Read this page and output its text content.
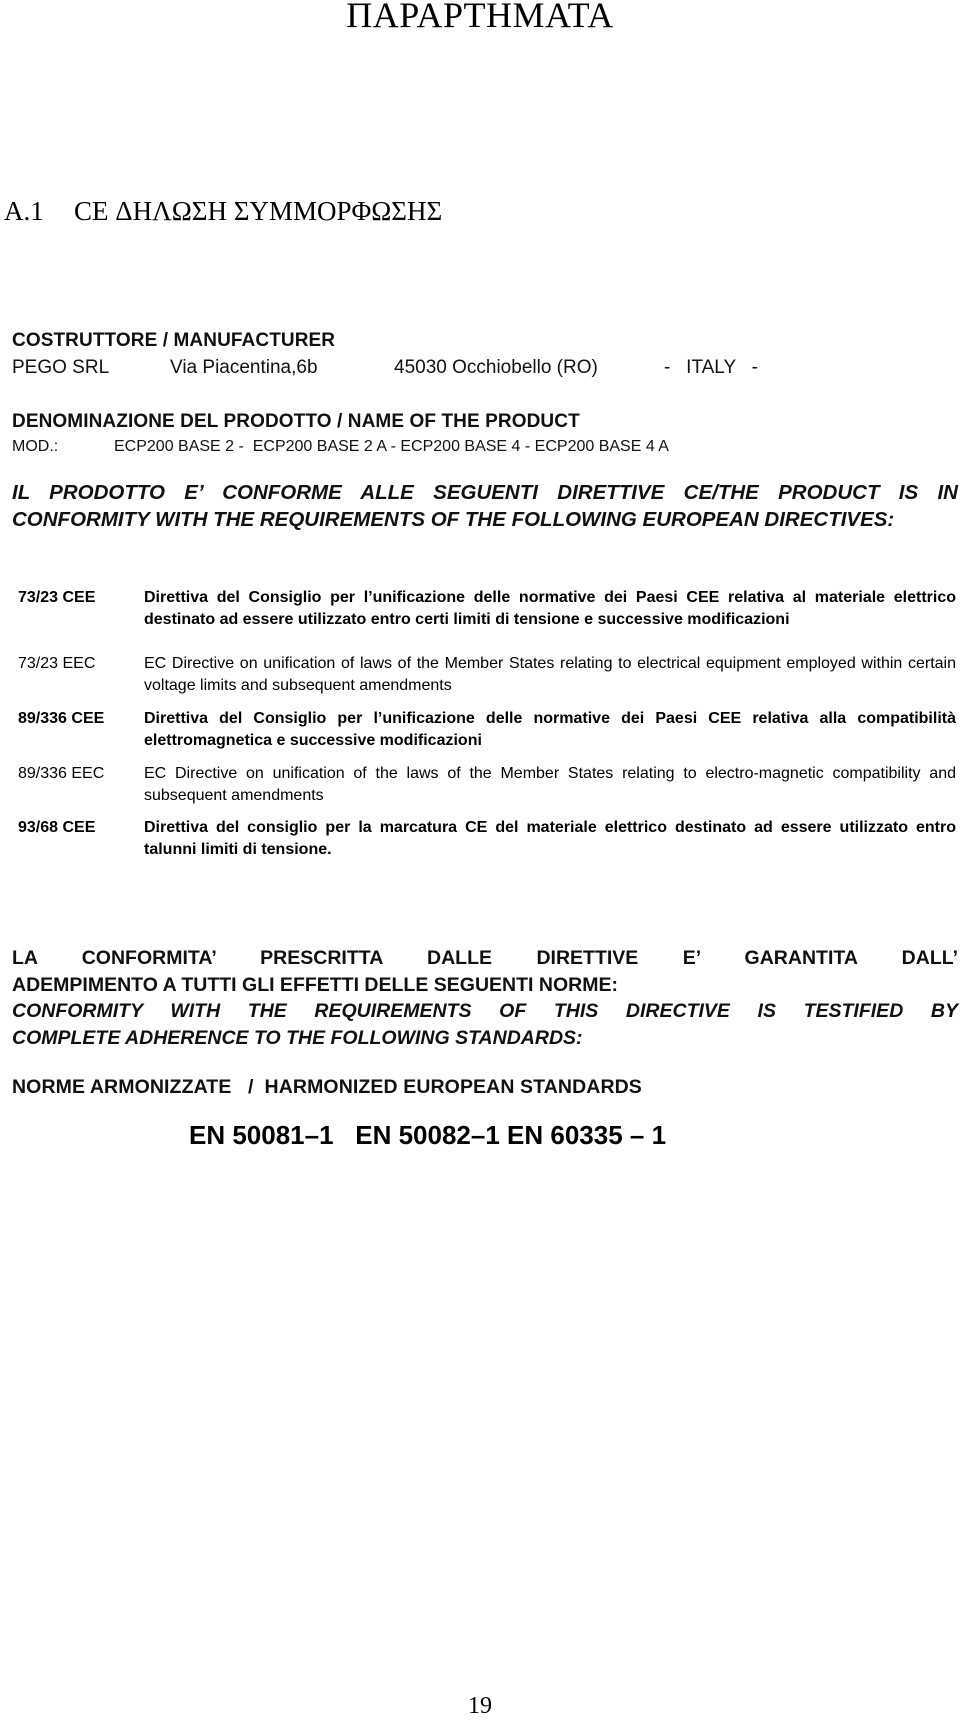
ΠΑΡΑΡΤΗΜΑΤΑ
A.1 CE ΔΗΛΩΣΗ ΣΥΜΜΟΡΦΩΣΗΣ
COSTRUTTORE / MANUFACTURER
PEGO SRL	Via Piacentina,6b	45030 Occhiobello (RO)	-   ITALY   -
DENOMINAZIONE DEL PRODOTTO / NAME OF THE PRODUCT
MOD.:	ECP200 BASE 2 -  ECP200 BASE 2 A - ECP200 BASE 4 - ECP200 BASE 4 A
IL PRODOTTO E’ CONFORME ALLE SEGUENTI DIRETTIVE CE/THE PRODUCT IS IN CONFORMITY WITH THE REQUIREMENTS OF THE FOLLOWING EUROPEAN DIRECTIVES:
73/23 CEE	Direttiva del Consiglio per l’unificazione delle normative dei Paesi CEE relativa al materiale elettrico destinato ad essere utilizzato entro certi limiti di tensione e successive modificazioni
73/23 EEC	EC Directive on unification of laws of the Member States relating to electrical equipment employed within certain voltage limits and subsequent amendments
89/336 CEE	Direttiva del Consiglio per l’unificazione delle normative dei Paesi CEE relativa alla compatibilità elettromagnetica e successive modificazioni
89/336 EEC	EC Directive on unification of the laws of the Member States relating to electro-magnetic compatibility and subsequent amendments
93/68 CEE	Direttiva del consiglio per la marcatura CE del materiale elettrico destinato ad essere utilizzato entro talunni limiti di tensione.
LA CONFORMITA’ PRESCRITTA DALLE DIRETTIVE E’ GARANTITA DALL’
ADEMPIMENTO A TUTTI GLI EFFETTI DELLE SEGUENTI NORME:
CONFORMITY WITH THE REQUIREMENTS OF THIS DIRECTIVE IS TESTIFIED BY
COMPLETE ADHERENCE TO THE FOLLOWING STANDARDS:
NORME ARMONIZZATE   /  HARMONIZED EUROPEAN STANDARDS
EN 50081–1   EN 50082–1 EN 60335 – 1
19
